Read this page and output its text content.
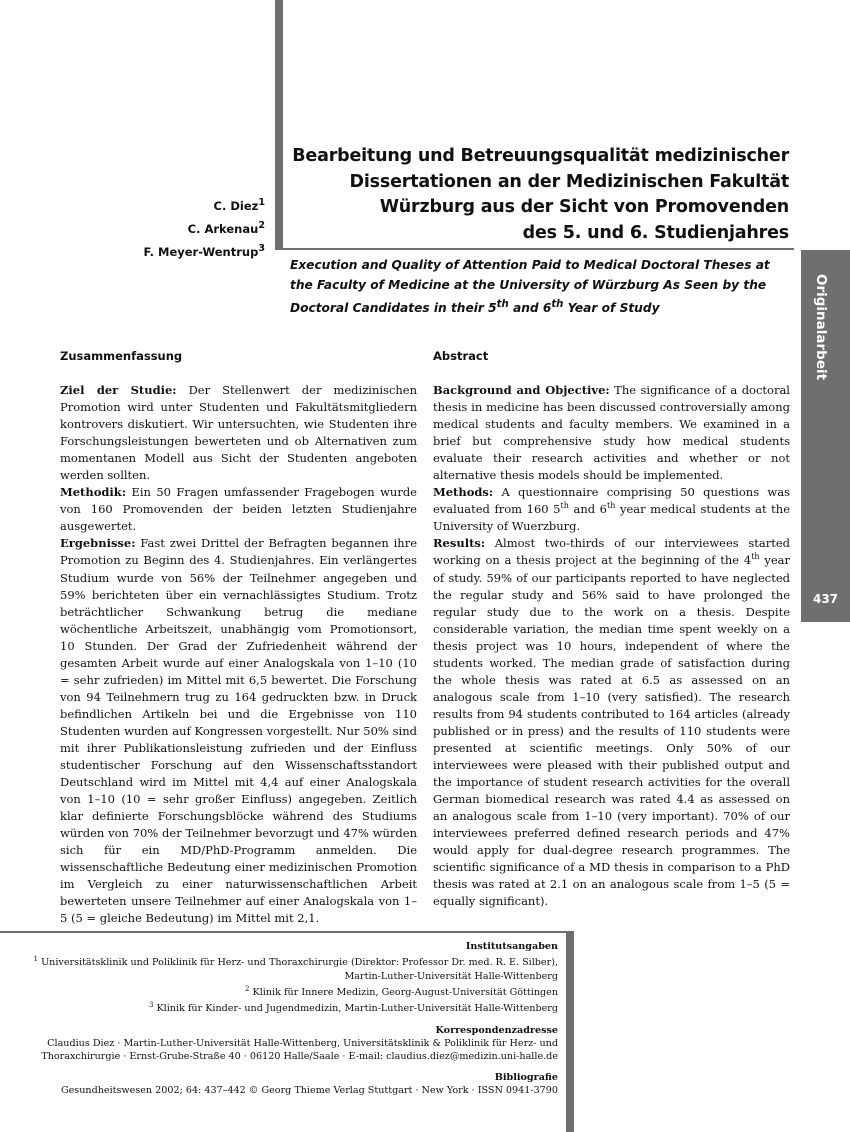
C. Diez$^1$
C. Arkenau$^2$
F. Meyer-Wentrup$^3$
Bearbeitung und Betreuungsqualität medizinischer
Dissertationen an der Medizinischen Fakultät
Würzburg aus der Sicht von Promovenden
des 5. und 6. Studienjahres

Execution and Quality of Attention Paid to Medical Doctoral Theses at the Faculty of Medicine at the University of Würzburg As Seen by the Doctoral Candidates in their 5th and 6th Year of Study	Originalarbeit
437
Zusammenfassung

Ziel der Studie: Der Stellenwert der medizinischen Promotion wird unter Studenten und Fakultätsmitgliedern kontrovers diskutiert. Wir untersuchten, wie Studenten ihre Forschungsleistungen bewerteten und ob Alternativen zum momentanen Modell aus Sicht der Studenten angeboten werden sollten.

Methodik: Ein 50 Fragen umfassender Fragebogen wurde von 160 Promovenden der beiden letzten Studienjahre ausgewertet.

Ergebnisse: Fast zwei Drittel der Befragten begannen ihre Promotion zu Beginn des 4. Studienjahres. Ein verlängertes Studium wurde von 56% der Teilnehmer angegeben und 59% berichteten über ein vernachlässigtes Studium. Trotz beträchtlicher Schwankung betrug die mediane wöchentliche Arbeitszeit, unabhängig vom Promotionsort, 10 Stunden. Der Grad der Zufriedenheit während der gesamten Arbeit wurde auf einer Analogskala von 1–10 (10 = sehr zufrieden) im Mittel mit 6,5 bewertet. Die Forschung von 94 Teilnehmern trug zu 164 gedruckten bzw. in Druck befindlichen Artikeln bei und die Ergebnisse von 110 Studenten wurden auf Kongressen vorgestellt. Nur 50% sind mit ihrer Publikationsleistung zufrieden und der Einfluss studentischer Forschung auf den Wissenschaftsstandort Deutschland wird im Mittel mit 4,4 auf einer Analogskala von 1–10 (10 = sehr großer Einfluss) angegeben. Zeitlich klar definierte Forschungsblöcke während des Studiums würden von 70% der Teilnehmer bevorzugt und 47% würden sich für ein MD/PhD-Programm anmelden. Die wissenschaftliche Bedeutung einer medizinischen Promotion im Vergleich zu einer naturwissenschaftlichen Arbeit bewerteten unsere Teilnehmer auf einer Analogskala von 1–5 (5 = gleiche Bedeutung) im Mittel mit 2,1.

Abstract

Background and Objective: The significance of a doctoral thesis in medicine has been discussed controversially among medical students and faculty members. We examined in a brief but comprehensive study how medical students evaluate their research activities and whether or not alternative thesis models should be implemented.

Methods: A questionnaire comprising 50 questions was evaluated from 160 5th and 6th year medical students at the University of Wuerzburg.

Results: Almost two-thirds of our interviewees started working on a thesis project at the beginning of the 4th year of study. 59% of our participants reported to have neglected the regular study and 56% said to have prolonged the regular study due to the work on a thesis. Despite considerable variation, the median time spent weekly on a thesis project was 10 hours, independent of where the students worked. The median grade of satisfaction during the whole thesis was rated at 6.5 as assessed on an analogous scale from 1–10 (very satisfied). The research results from 94 students contributed to 164 articles (already published or in press) and the results of 110 students were presented at scientific meetings. Only 50% of our interviewees were pleased with their published output and the importance of student research activities for the overall German biomedical research was rated 4.4 as assessed on an analogous scale from 1–10 (very important). 70% of our interviewees preferred defined research periods and 47% would apply for dual-degree research programmes. The scientific significance of a MD thesis in comparison to a PhD thesis was rated at 2.1 on an analogous scale from 1–5 (5 = equally significant).

Institutsangaben
$^1$ Universitätsklinik und Poliklinik für Herz- und Thoraxchirurgie (Direktor: Professor Dr. med. R. E. Silber),
Martin-Luther-Universität Halle-Wittenberg
$^2$ Klinik für Innere Medizin, Georg-August-Universität Göttingen
$^3$ Klinik für Kinder- und Jugendmedizin, Martin-Luther-Universität Halle-Wittenberg
Korrespondenzadresse
Claudius Diez · Martin-Luther-Universität Halle-Wittenberg, Universitätsklinik & Poliklinik für Herz- und
Thoraxchirurgie · Ernst-Grube-Straße 40 · 06120 Halle/Saale · E-mail: claudius.diez@medizin.uni-halle.de
Bibliografie
Gesundheitswesen 2002; 64: 437–442 © Georg Thieme Verlag Stuttgart · New York · ISSN 0941-3790
